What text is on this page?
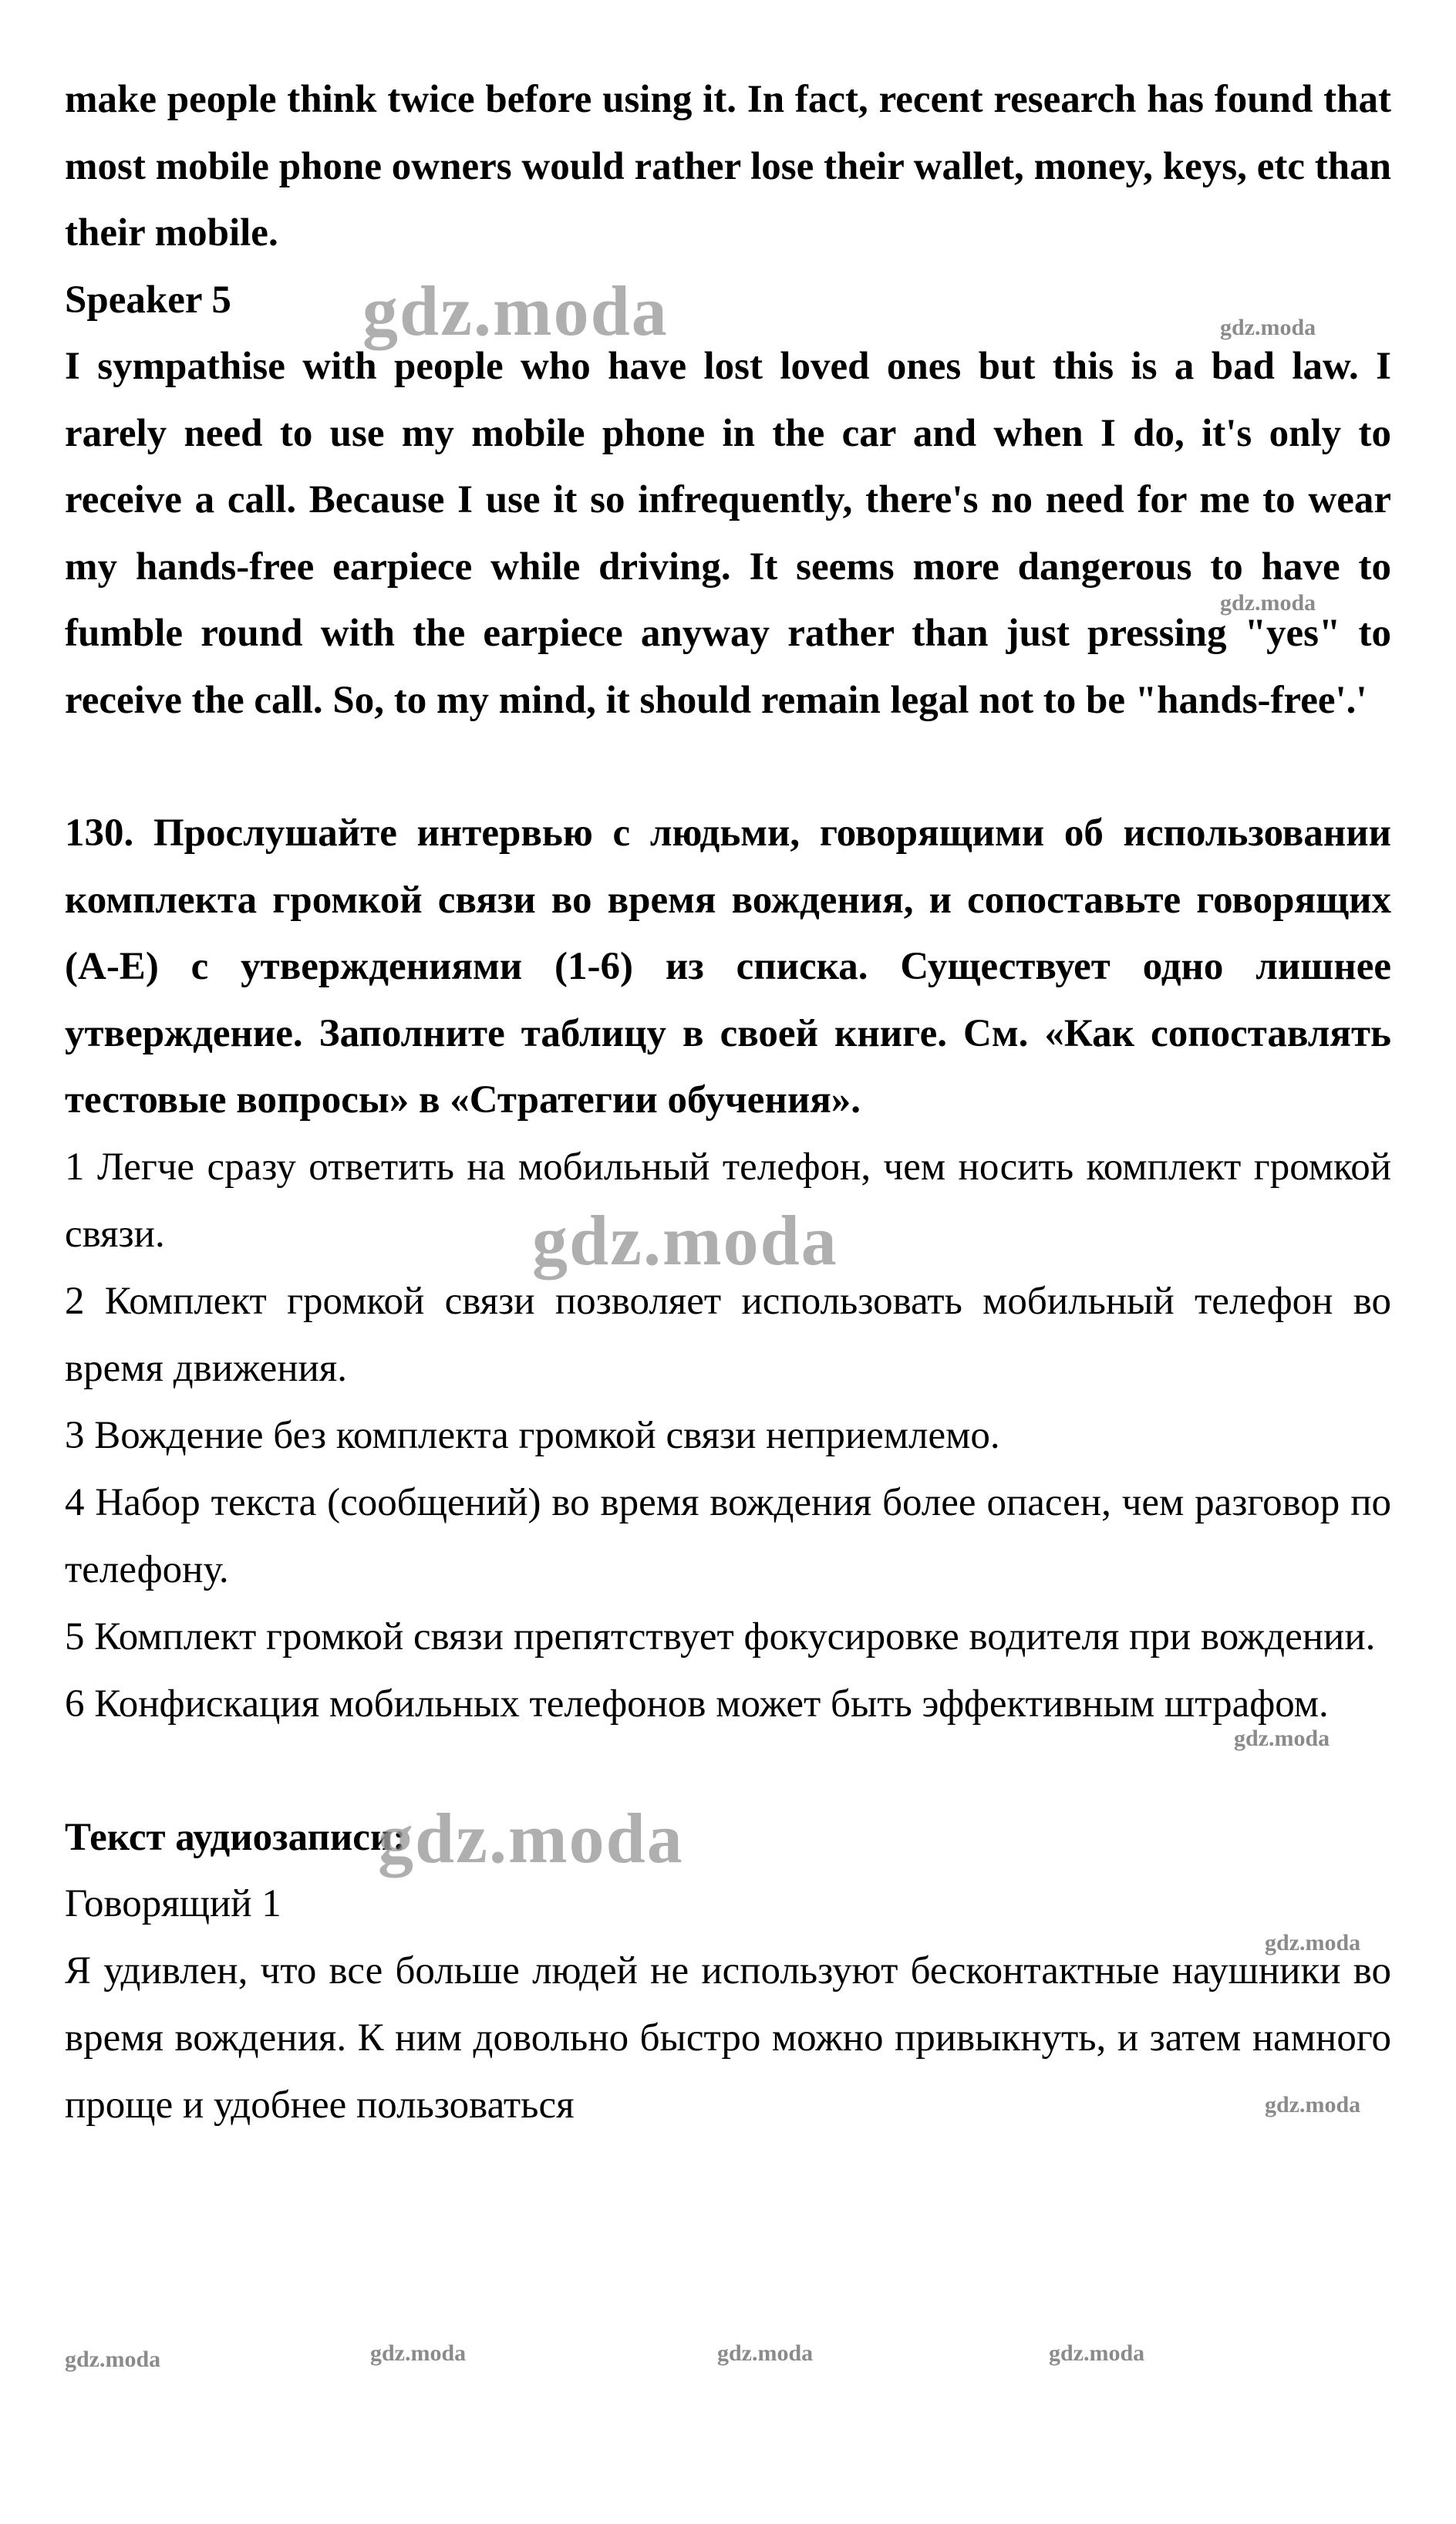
make people think twice before using it. In fact, recent research has found that most mobile phone owners would rather lose their wallet, money, keys, etc than their mobile.

Speaker 5

I sympathise with people who have lost loved ones but this is a bad law. I rarely need to use my mobile phone in the car and when I do, it's only to receive a call. Because I use it so infrequently, there's no need for me to wear my hands-free earpiece while driving. It seems more dangerous to have to fumble round with the earpiece anyway rather than just pressing "yes" to receive the call. So, to my mind, it should remain legal not to be "hands-free'.'

130. Прослушайте интервью с людьми, говорящими об использовании комплекта громкой связи во время вождения, и сопоставьте говорящих (A-E) с утверждениями (1-6) из списка. Существует одно лишнее утверждение. Заполните таблицу в своей книге. См. «Как сопоставлять тестовые вопросы» в «Стратегии обучения».

1 Легче сразу ответить на мобильный телефон, чем носить комплект громкой связи.

2 Комплект громкой связи позволяет использовать мобильный телефон во время движения.

3 Вождение без комплекта громкой связи неприемлемо.

4 Набор текста (сообщений) во время вождения более опасен, чем разговор по телефону.

5 Комплект громкой связи препятствует фокусировке водителя при вождении.

6 Конфискация мобильных телефонов может быть эффективным штрафом.

Текст аудиозаписи:

Говорящий 1

Я удивлен, что все больше людей не используют бесконтактные наушники во время вождения. К ним довольно быстро можно привыкнуть, и затем намного проще и удобнее пользоваться

gdz.moda
gdz.moda
gdz.moda
gdz.moda
gdz.moda
gdz.moda
gdz.moda
gdz.moda
gdz.moda	gdz.moda	gdz.moda	gdz.moda
